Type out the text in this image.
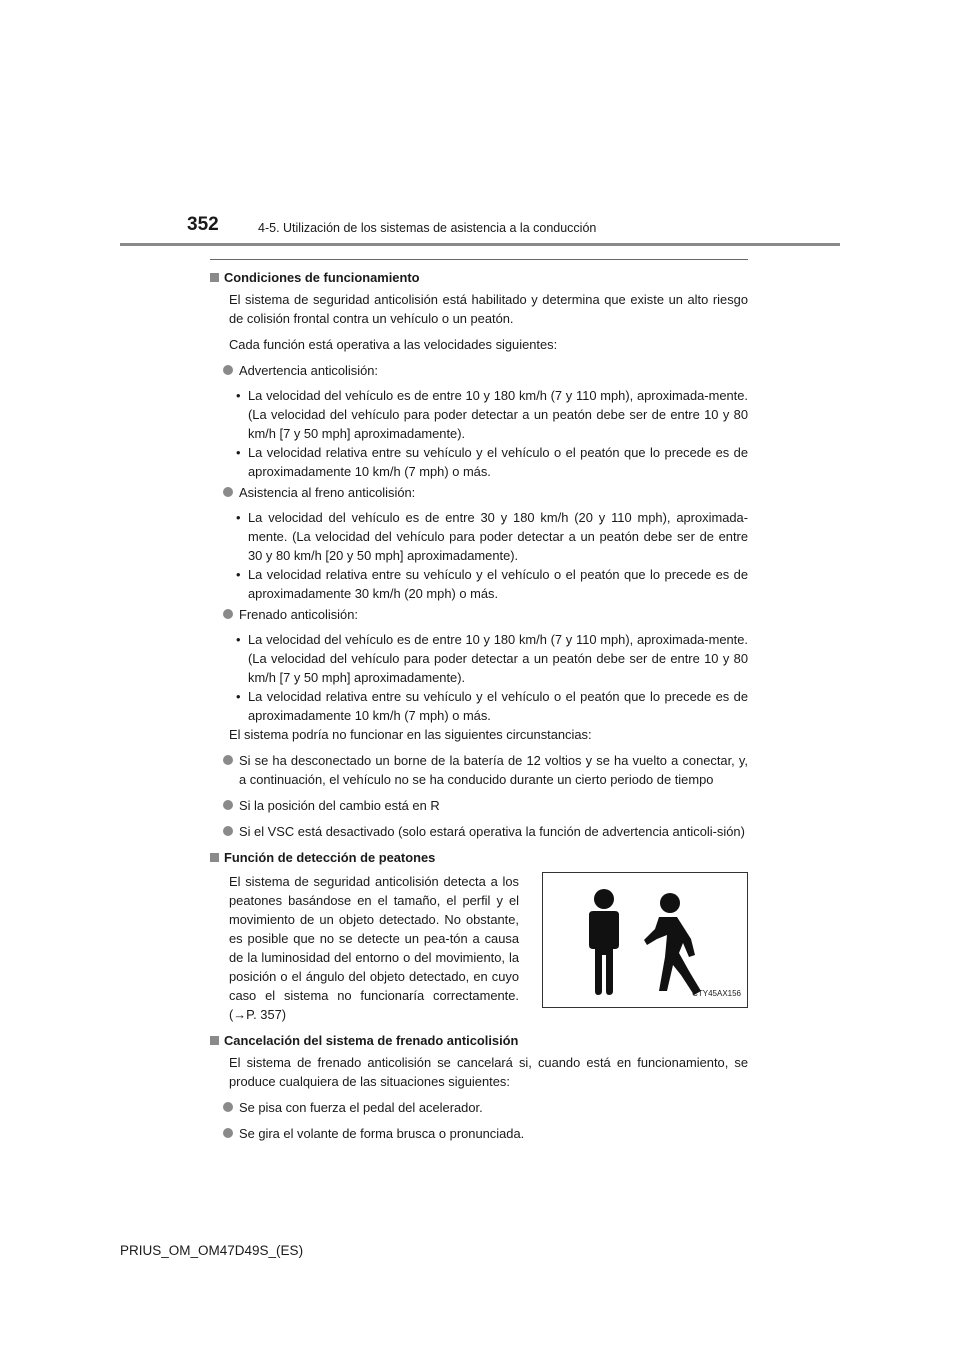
352	4-5. Utilización de los sistemas de asistencia a la conducción
Condiciones de funcionamiento

El sistema de seguridad anticolisión está habilitado y determina que existe un alto riesgo de colisión frontal contra un vehículo o un peatón.

Cada función está operativa a las velocidades siguientes:

Advertencia anticolisión:
• La velocidad del vehículo es de entre 10 y 180 km/h (7 y 110 mph), aproximada-mente. (La velocidad del vehículo para poder detectar a un peatón debe ser de entre 10 y 80 km/h [7 y 50 mph] aproximadamente).
• La velocidad relativa entre su vehículo y el vehículo o el peatón que lo precede es de aproximadamente 10 km/h (7 mph) o más.
Asistencia al freno anticolisión:
• La velocidad del vehículo es de entre 30 y 180 km/h (20 y 110 mph), aproximada-mente. (La velocidad del vehículo para poder detectar a un peatón debe ser de entre 30 y 80 km/h [20 y 50 mph] aproximadamente).
• La velocidad relativa entre su vehículo y el vehículo o el peatón que lo precede es de aproximadamente 30 km/h (20 mph) o más.
Frenado anticolisión:
• La velocidad del vehículo es de entre 10 y 180 km/h (7 y 110 mph), aproximada-mente. (La velocidad del vehículo para poder detectar a un peatón debe ser de entre 10 y 80 km/h [7 y 50 mph] aproximadamente).
• La velocidad relativa entre su vehículo y el vehículo o el peatón que lo precede es de aproximadamente 10 km/h (7 mph) o más.

El sistema podría no funcionar en las siguientes circunstancias:

Si se ha desconectado un borne de la batería de 12 voltios y se ha vuelto a conectar, y, a continuación, el vehículo no se ha conducido durante un cierto periodo de tiempo
Si la posición del cambio está en R
Si el VSC está desactivado (solo estará operativa la función de advertencia anticoli-sión)
Función de detección de peatones

El sistema de seguridad anticolisión detecta a los peatones basándose en el tamaño, el perfil y el movimiento de un objeto detectado. No obstante, es posible que no se detecte un pea-tón a causa de la luminosidad del entorno o del movimiento, la posición o el ángulo del objeto detectado, en cuyo caso el sistema no funcionaría correctamente. (→P. 357)

CTY45AX156
Cancelación del sistema de frenado anticolisión

El sistema de frenado anticolisión se cancelará si, cuando está en funcionamiento, se produce cualquiera de las situaciones siguientes:

Se pisa con fuerza el pedal del acelerador.
Se gira el volante de forma brusca o pronunciada.
PRIUS_OM_OM47D49S_(ES)
